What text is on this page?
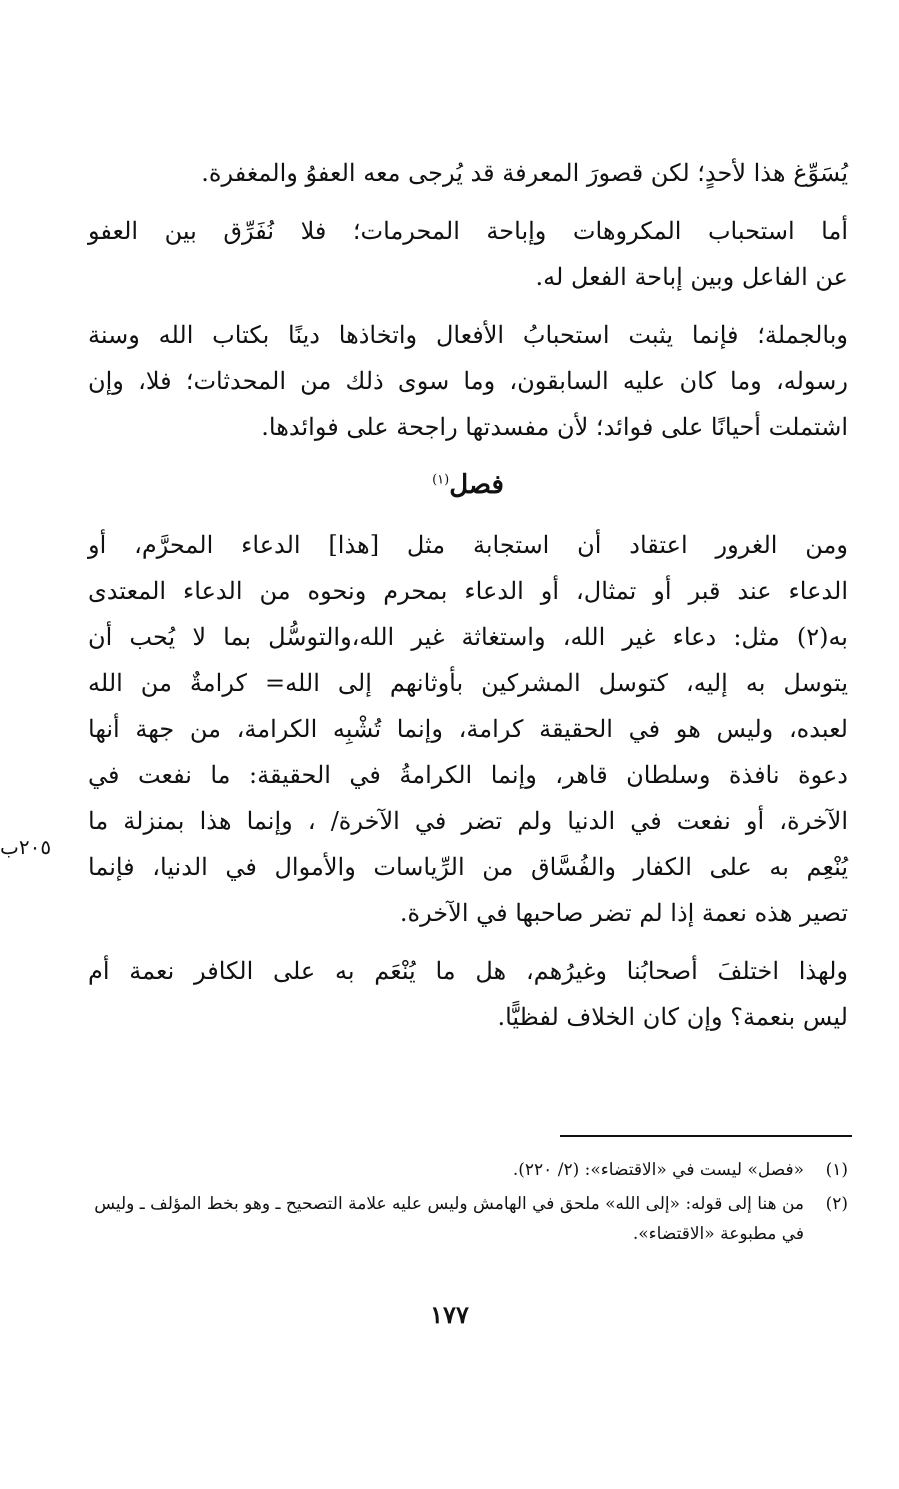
يُسَوِّغ هذا لأحدٍ؛ لكن قصورَ المعرفة قد يُرجى معه العفوُ والمغفرة.

أما استحباب المكروهات وإباحة المحرمات؛ فلا نُفَرِّق بين العفو
عن الفاعل وبين إباحة الفعل له.

وبالجملة؛ فإنما يثبت استحبابُ الأفعال واتخاذها دينًا بكتاب الله وسنة
رسوله، وما كان عليه السابقون، وما سوى ذلك من المحدثات؛ فلا، وإن
اشتملت أحيانًا على فوائد؛ لأن مفسدتها راجحة على فوائدها.

فصل$^{(١)}$

ومن الغرور اعتقاد أن استجابة مثل [هذا] الدعاء المحرَّم، أو
الدعاء عند قبر أو تمثال، أو الدعاء بمحرم ونحوه من الدعاء المعتدى
به(٢) مثل: دعاء غير الله، واستغاثة غير الله،والتوسُّل بما لا يُحب أن
يتوسل به إليه، كتوسل المشركين بأوثانهم إلى الله= كرامةٌ من الله
لعبده، وليس هو في الحقيقة كرامة، وإنما تُشْبِه الكرامة، من جهة أنها
دعوة نافذة وسلطان قاهر، وإنما الكرامةُ في الحقيقة: ما نفعت في
الآخرة، أو نفعت في الدنيا ولم تضر في الآخرة/ ، وإنما هذا بمنزلة ما
يُنْعِم به على الكفار والفُسَّاق من الرِّياسات والأموال في الدنيا، فإنما
تصير هذه نعمة إذا لم تضر صاحبها في الآخرة.

ولهذا اختلفَ أصحابُنا وغيرُهم، هل ما يُنْعَم به على الكافر نعمة أم
ليس بنعمة؟ وإن كان الخلاف لفظيًّا.

٢٠٥ب
(١)
«فصل» ليست في «الاقتضاء»: (٢/ ٢٢٠).
(٢)
من هنا إلى قوله: «إلى الله» ملحق في الهامش وليس عليه علامة التصحيح ـ وهو بخط المؤلف ـ وليس في مطبوعة «الاقتضاء».
١٧٧
